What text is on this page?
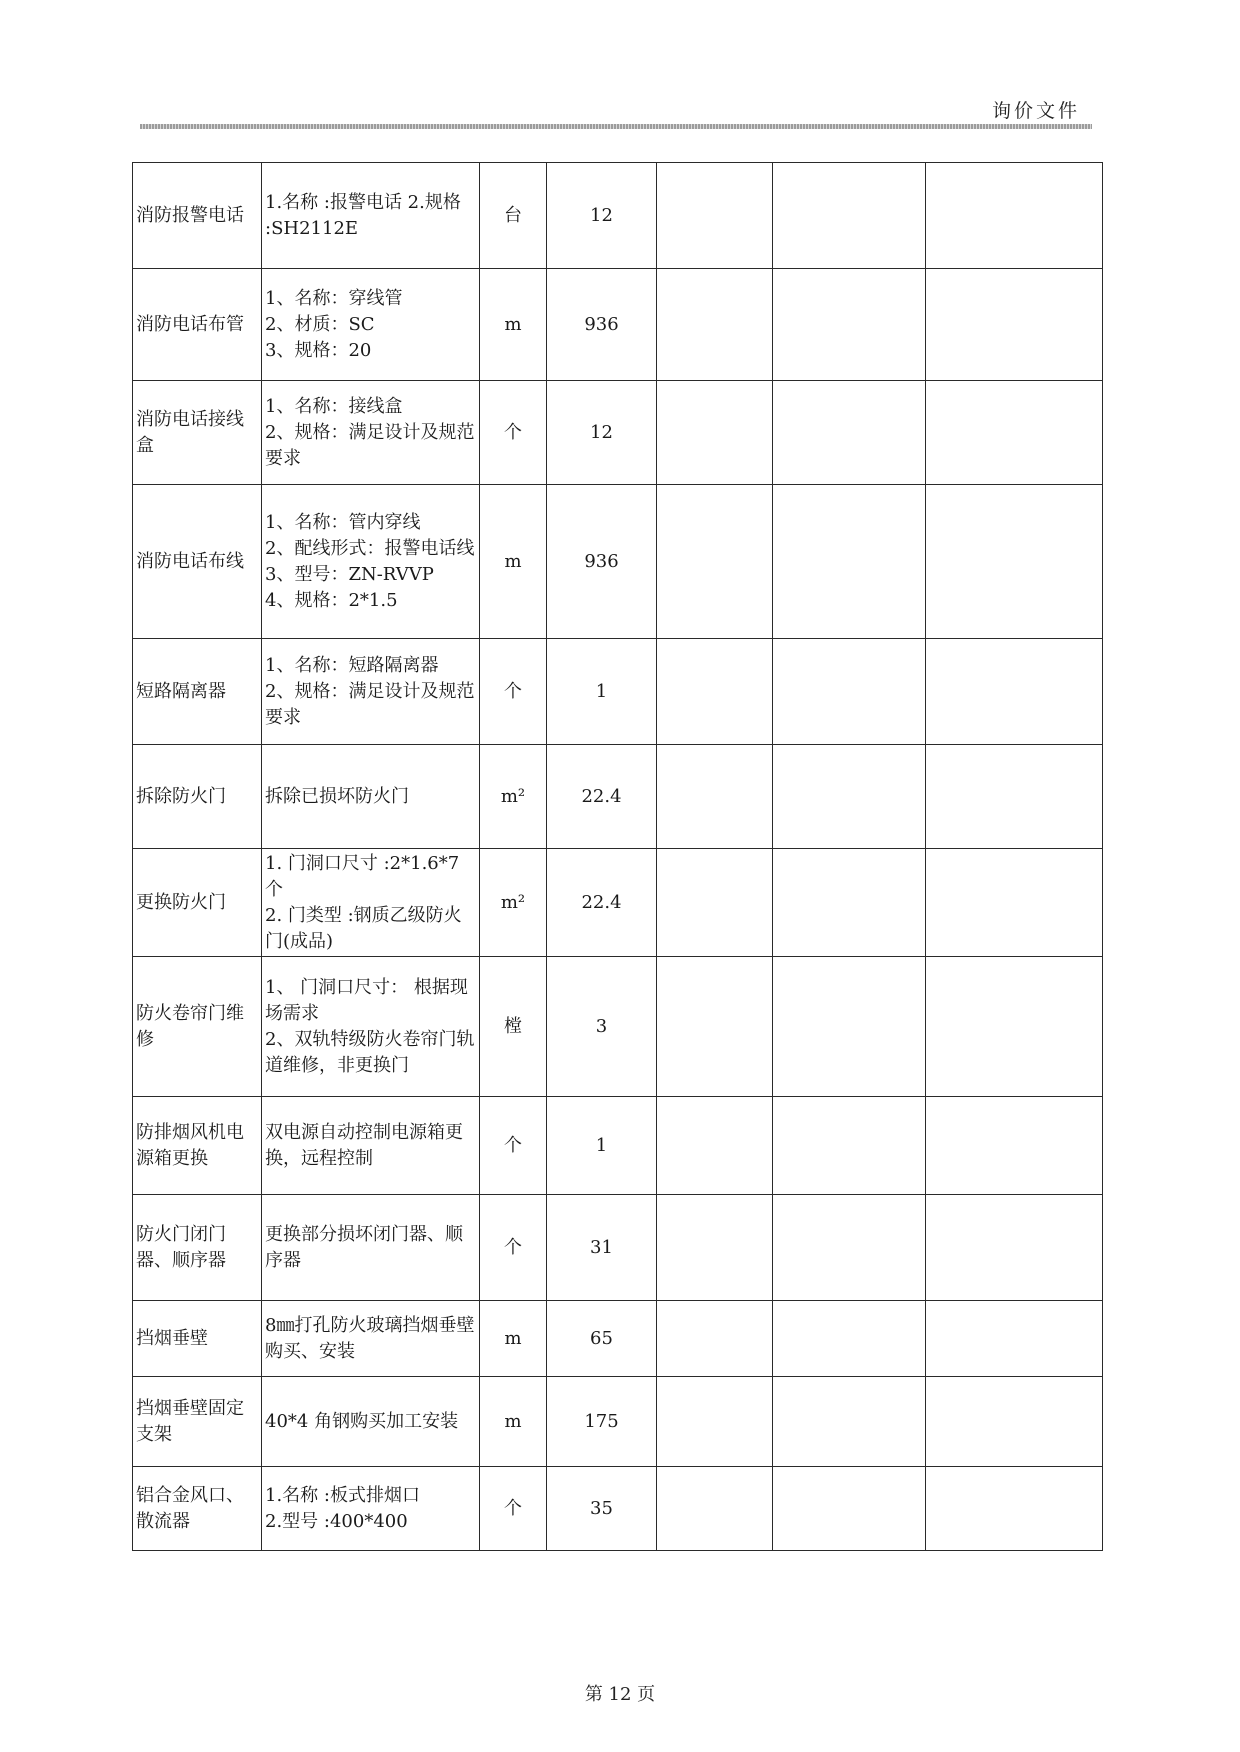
询价文件
消防报警电话	1.名称 :报警电话 2.规格 :SH2112E	台	12			
消防电话布管	1、名称：穿线管
2、材质：SC
3、规格：20	m	936			
消防电话接线盒	1、名称：接线盒
2、规格：满足设计及规范要求	个	12			
消防电话布线	1、名称：管内穿线
2、配线形式：报警电话线
3、型号：ZN-RVVP
4、规格：2*1.5	m	936			
短路隔离器	1、名称：短路隔离器
2、规格：满足设计及规范要求	个	1			
拆除防火门	拆除已损坏防火门	m²	22.4			
更换防火门	1. 门洞口尺寸 :2*1.6*7 个
2. 门类型 :钢质乙级防火门(成品)	m²	22.4			
防火卷帘门维修	1、 门洞口尺寸： 根据现场需求
2、双轨特级防火卷帘门轨道维修，非更换门	樘	3			
防排烟风机电源箱更换	双电源自动控制电源箱更换，远程控制	个	1			
防火门闭门器、顺序器	更换部分损坏闭门器、顺序器	个	31			
挡烟垂壁	8㎜打孔防火玻璃挡烟垂壁购买、安装	m	65			
挡烟垂壁固定支架	40*4 角钢购买加工安装	m	175			
铝合金风口、散流器	1.名称 :板式排烟口
2.型号 :400*400	个	35			
第 12 页
